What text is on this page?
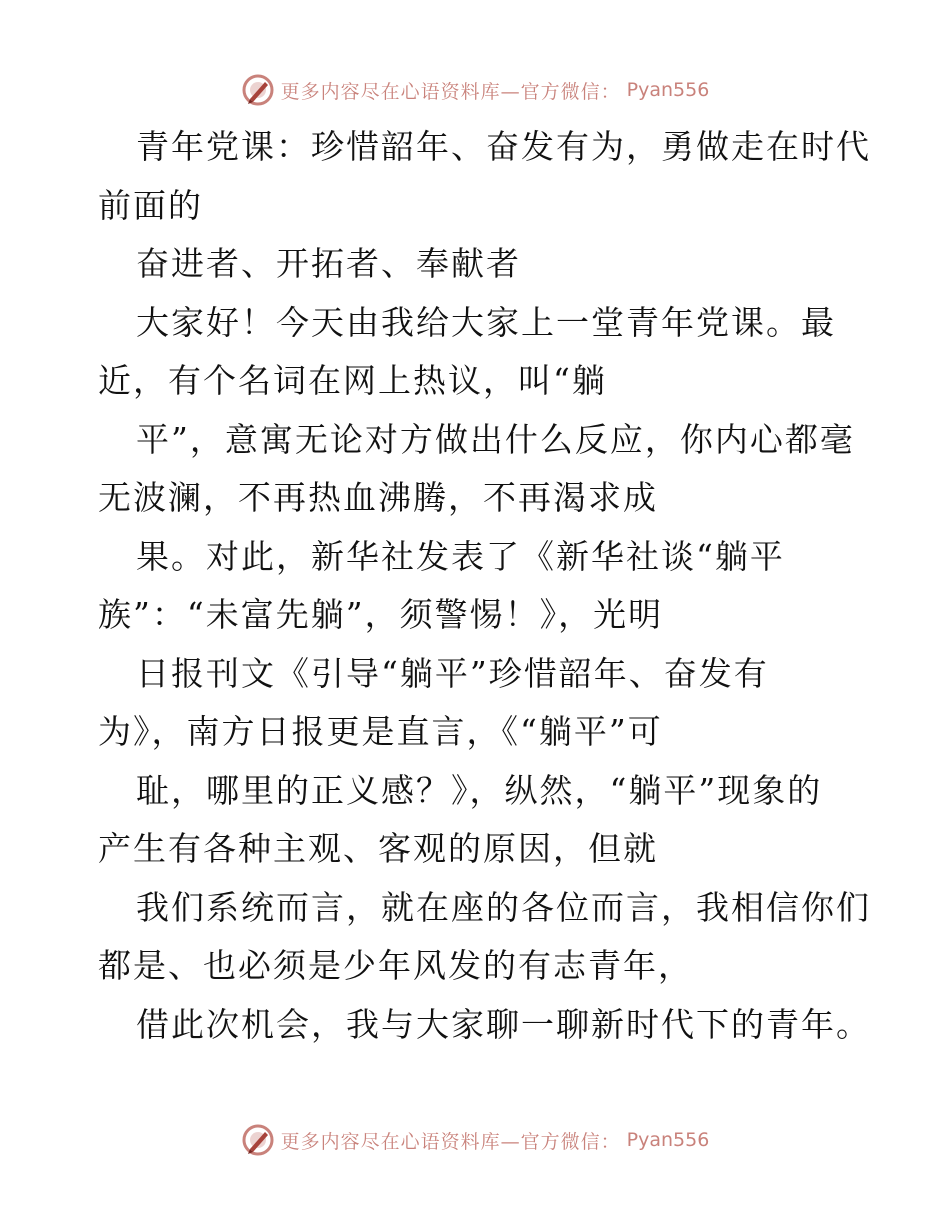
更多内容尽在心语资料库—官方微信： Pyan556
青年党课：珍惜韶年、奋发有为，勇做走在时代
前面的
奋进者、开拓者、奉献者
大家好！今天由我给大家上一堂青年党课。最
近，有个名词在网上热议，叫“躺
平”，意寓无论对方做出什么反应，你内心都毫
无波澜，不再热血沸腾，不再渴求成
果。对此，新华社发表了《新华社谈“躺平
族”：“未富先躺”，须警惕！》，光明
日报刊文《引导“躺平”珍惜韶年、奋发有
为》，南方日报更是直言，《“躺平”可
耻，哪里的正义感？》，纵然，“躺平”现象的
产生有各种主观、客观的原因，但就
我们系统而言，就在座的各位而言，我相信你们
都是、也必须是少年风发的有志青年，
借此次机会，我与大家聊一聊新时代下的青年。
更多内容尽在心语资料库—官方微信： Pyan556
